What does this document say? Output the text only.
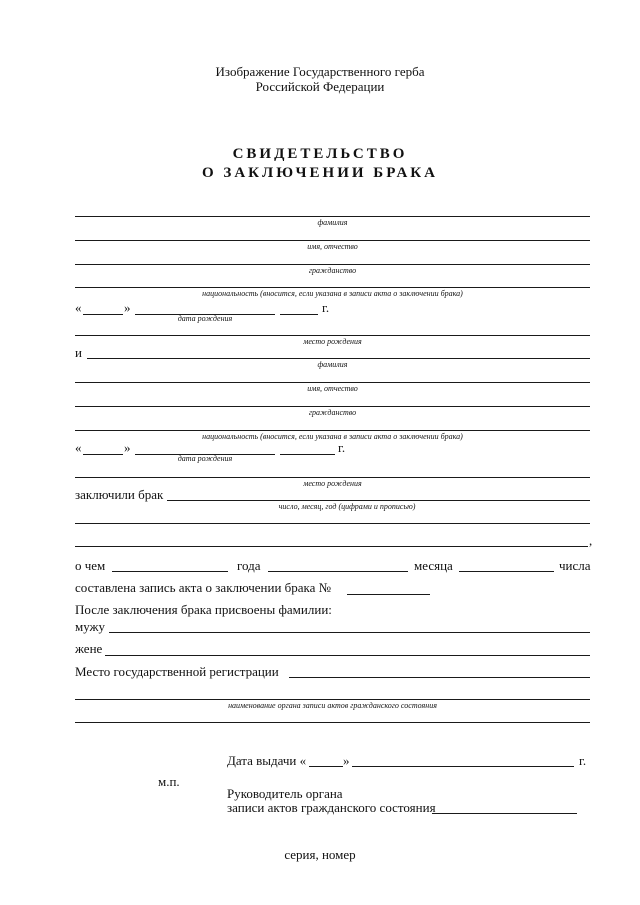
Изображение Государственного герба
Российской Федерации
СВИДЕТЕЛЬСТВО
О ЗАКЛЮЧЕНИИ БРАКА
фамилия
имя, отчество
гражданство
национальность (вносится, если указана в записи акта о заключении брака)
«	»	г.
дата рождения
место рождения
и
фамилия
имя, отчество
гражданство
национальность (вносится, если указана в записи акта о заключении брака)
«	»	г.
дата рождения
место рождения
заключили брак
число, месяц, год (цифрами и прописью)
,
о чем	года	месяца	числа
составлена запись акта о заключении брака №
После заключения брака присвоены фамилии:
мужу
жене
Место государственной регистрации
наименование органа записи актов гражданского состояния
Дата выдачи «	»	г.
м.п.
Руководитель органа
записи актов гражданского состояния
серия, номер
